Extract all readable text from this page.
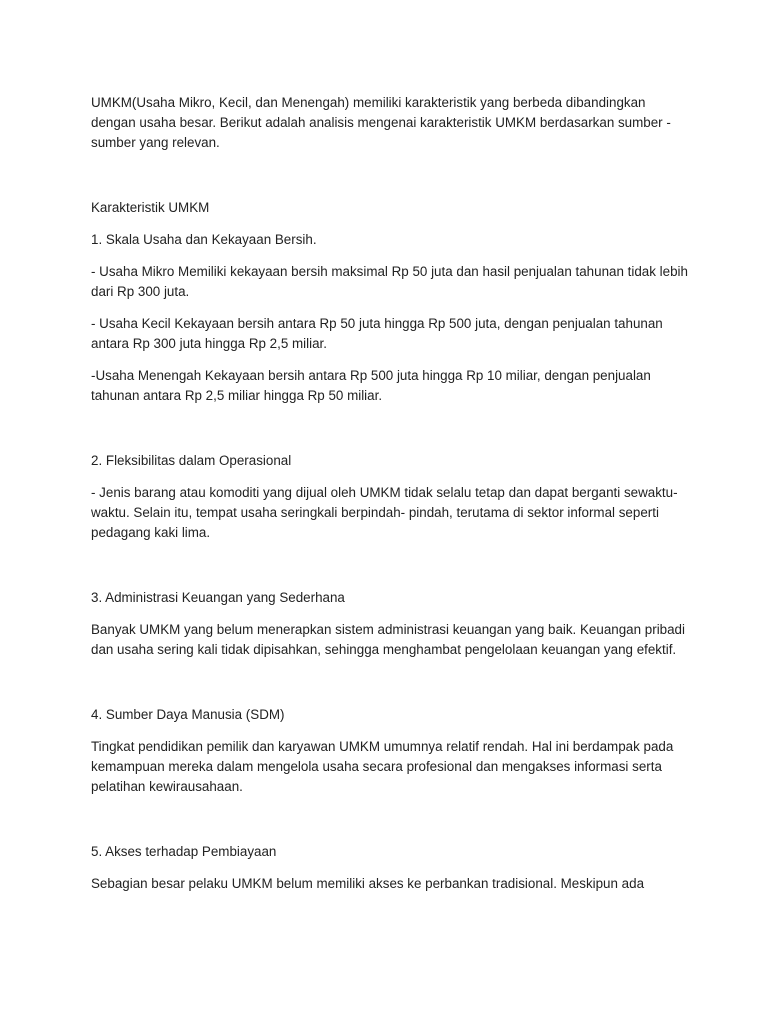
UMKM(Usaha Mikro, Kecil, dan Menengah) memiliki karakteristik yang berbeda dibandingkan dengan usaha besar. Berikut adalah analisis mengenai karakteristik UMKM berdasarkan sumber -sumber yang relevan.

Karakteristik UMKM

1. Skala Usaha dan Kekayaan Bersih.

- Usaha Mikro Memiliki kekayaan bersih maksimal Rp 50 juta dan hasil penjualan tahunan tidak lebih dari Rp 300 juta.

- Usaha Kecil Kekayaan bersih antara Rp 50 juta hingga Rp 500 juta, dengan penjualan tahunan antara Rp 300 juta hingga Rp 2,5 miliar.

-Usaha Menengah Kekayaan bersih antara Rp 500 juta hingga Rp 10 miliar, dengan penjualan tahunan antara Rp 2,5 miliar hingga Rp 50 miliar.

2. Fleksibilitas dalam Operasional

- Jenis barang atau komoditi yang dijual oleh UMKM tidak selalu tetap dan dapat berganti sewaktu- waktu. Selain itu, tempat usaha seringkali berpindah- pindah, terutama di sektor informal seperti pedagang kaki lima.

3. Administrasi Keuangan yang Sederhana

Banyak UMKM yang belum menerapkan sistem administrasi keuangan yang baik. Keuangan pribadi dan usaha sering kali tidak dipisahkan, sehingga menghambat pengelolaan keuangan yang efektif.

4. Sumber Daya Manusia (SDM)

Tingkat pendidikan pemilik dan karyawan UMKM umumnya relatif rendah. Hal ini berdampak pada kemampuan mereka dalam mengelola usaha secara profesional dan mengakses informasi serta pelatihan kewirausahaan.

5. Akses terhadap Pembiayaan

Sebagian besar pelaku UMKM belum memiliki akses ke perbankan tradisional. Meskipun ada
